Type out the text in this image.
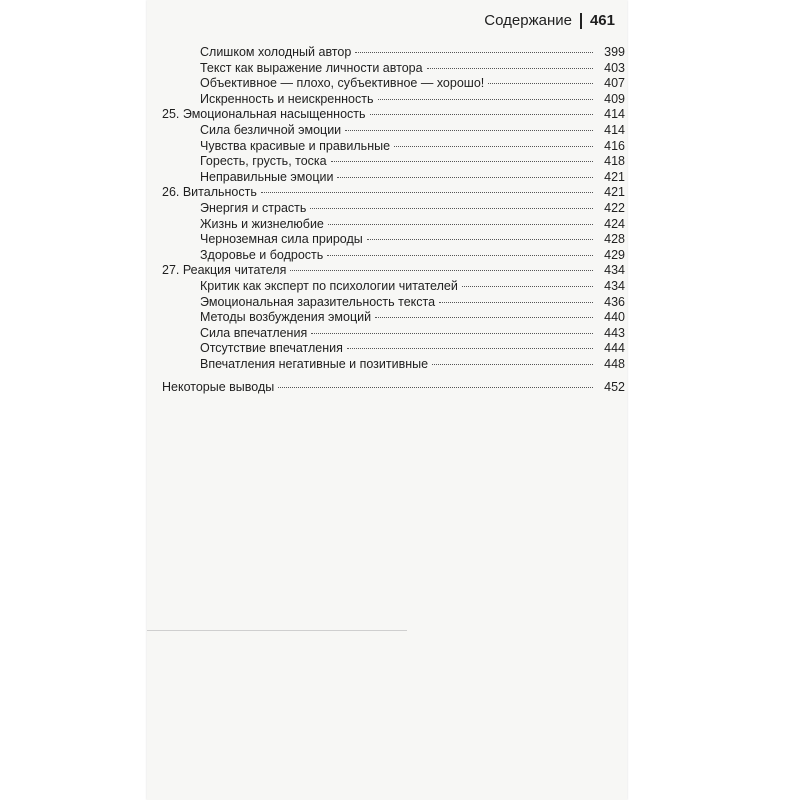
Содержание 461
Слишком холодный автор	399
Текст как выражение личности автора	403
Объективное — плохо, субъективное — хорошо!	407
Искренность и неискренность	409
25. Эмоциональная насыщенность	414
Сила безличной эмоции	414
Чувства красивые и правильные	416
Горесть, грусть, тоска	418
Неправильные эмоции	421
26. Витальность	421
Энергия и страсть	422
Жизнь и жизнелюбие	424
Черноземная сила природы	428
Здоровье и бодрость	429
27. Реакция читателя	434
Критик как эксперт по психологии читателей	434
Эмоциональная заразительность текста	436
Методы возбуждения эмоций	440
Сила впечатления	443
Отсутствие впечатления	444
Впечатления негативные и позитивные	448
Некоторые выводы	452
